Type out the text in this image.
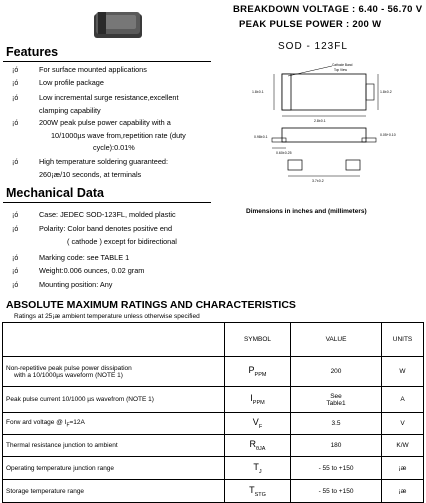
BREAKDOWN VOLTAGE : 6.40 - 56.70 V
PEAK PULSE POWER : 200 W
SOD - 123FL
Features
¡ó	For surface mounted applications
¡ó	Low profile package
¡ó	Low incremental surge resistance,excellent
clamping capability
¡ó	200W peak pulse power capability with a
10/1000µs wave from,repetition rate (duty
cycle):0.01%
¡ó	High temperature soldering guaranteed:
260¡æ/10 seconds, at terminals
Mechanical Data
¡ó	Case: JEDEC SOD-123FL, molded plastic
¡ó	Polarity: Color band denotes positive end
( cathode ) except for bidirectional
¡ó	Marking code: see TABLE 1
¡ó	Weight:0.006 ounces, 0.02 gram
¡ó	Mounting position: Any
Cathode Band
Top View
1.8±0.1	1.8±0.2
2.8±0.1
0.98±0.1	0.05+0.10
0.60±0.25
3.7±0.2
Dimensions in inches and (millimeters)
ABSOLUTE MAXIMUM RATINGS AND CHARACTERISTICS
Ratings at 25¡æ ambient temperature unless otherwise specified
	SYMBOL	VALUE	UNITS

Non-repetitive peak pulse power dissipation
with a 10/1000µs waveform (NOTE 1)	$P_{PPM}$	200	W
Peak pulse current 10/1000 µs wavefrom (NOTE 1)	$I_{PPM}$	See
Table1	A
Forw ard voltage @ $I_F=12A$	$V_F$	3.5	V
Thermal resistance junction to ambient	$R_{\theta JA}$	180	K/W
Operating temperature junction range	$T_J$	- 55 to +150	¡æ
Storage temperature range	$T_{STG}$	- 55 to +150	¡æ
